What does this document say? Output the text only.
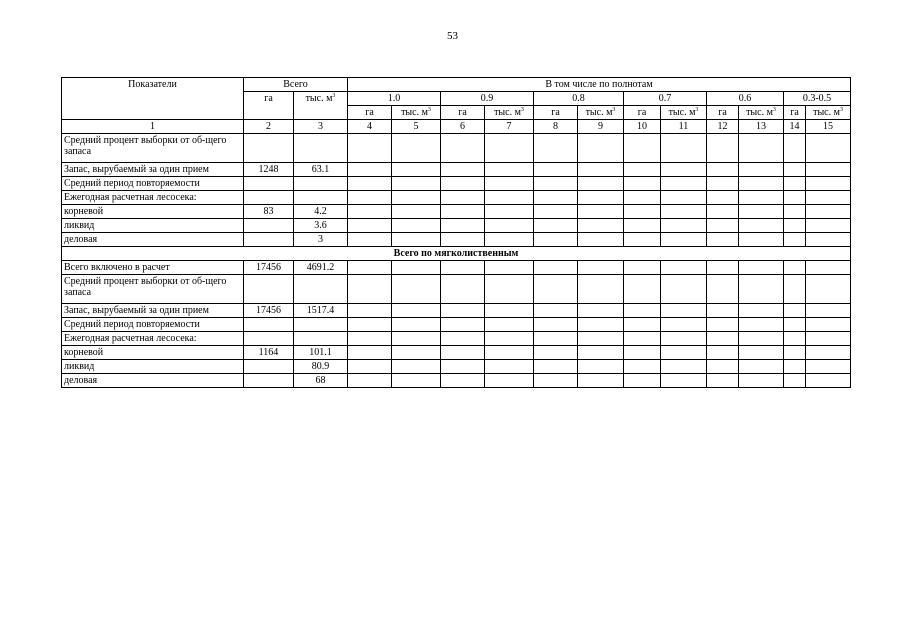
53
Показатели	Всего		В том числе по полнотам											
	га	тыс. $м^3$	1.0		0.9		0.8		0.7		0.6		0.3-0.5	
			га	тыс. $м^3$	га	тыс. $м^3$	га	тыс. $м^3$	га	тыс. $м^3$	га	тыс. $м^3$	га	тыс. $м^3$
1	2	3	4	5	6	7	8	9	10	11	12	13	14	15
Средний процент выборки от об-щего запаса														
Запас, вырубаемый за один прием	1248	63.1												
Средний период повторяемости														
Ежегодная расчетная лесосека:														
корневой	83	4.2												
ликвид		3.6												
деловая		3												
Всего по мягколиственным														
Всего включено в расчет	17456	4691.2												
Средний процент выборки от об-щего запаса														
Запас, вырубаемый за один прием	17456	1517.4												
Средний период повторяемости														
Ежегодная расчетная лесосека:														
корневой	1164	101.1												
ликвид		80.9												
деловая		68												
